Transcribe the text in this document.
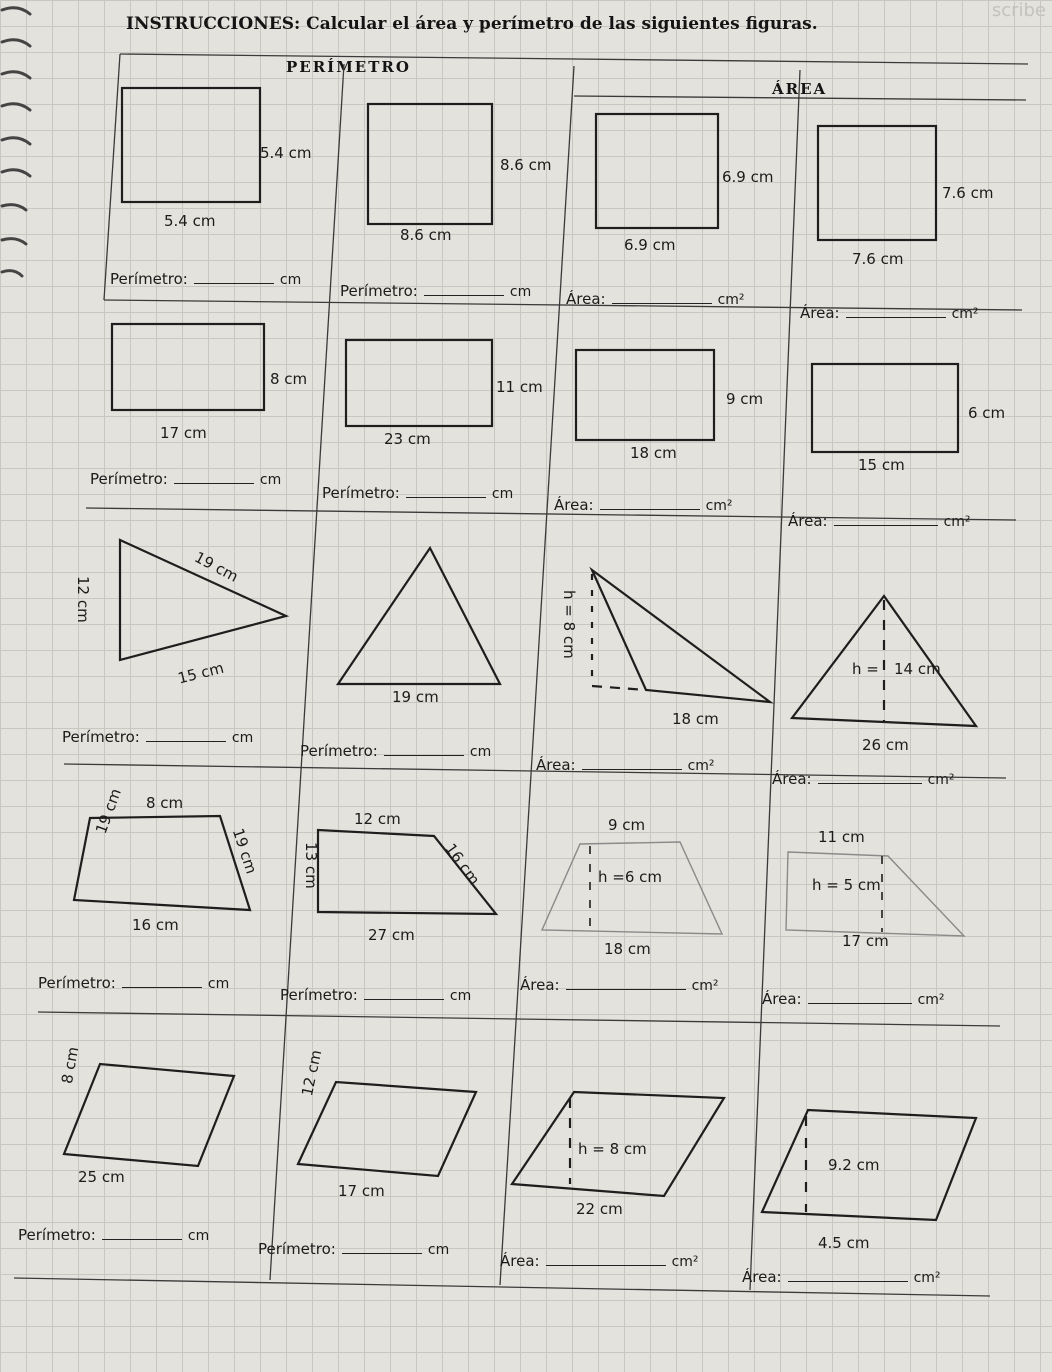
scribe
INSTRUCCIONES: Calcular el área y perímetro de las siguientes figuras.
PERÍMETRO
ÁREA
5.4 cm
5.4 cm
8.6 cm
8.6 cm
6.9 cm
6.9 cm
7.6 cm
7.6 cm
Perímetro:	cm
Perímetro:	cm Área:	cm²
Área:	cm²
8 cm
17 cm
11 cm
23 cm
9 cm
18 cm
6 cm
15 cm
Perímetro:	cm
Perímetro:	cm
Área:	cm²
Área:	cm²
12 cm
19 cm
15 cm
19 cm
h = 8 cm
18 cm
h = 14 cm
26 cm
Perímetro:	cm
Perímetro:	cm
Área:	cm²
Área:	cm²
8 cm
19 cm
19 cm
16 cm
12 cm
13 cm	16 cm
27 cm
9 cm
h =6 cm
18 cm
11 cm
h = 5 cm
17 cm
Perímetro:	cm
Perímetro:	cm
Área:	cm²
Área:	cm²
8 cm
25 cm
12 cm
17 cm
h = 8 cm
22 cm
9.2 cm
4.5 cm
Perímetro:	cm
Perímetro:	cm
Área:	cm²
Área:	cm²
